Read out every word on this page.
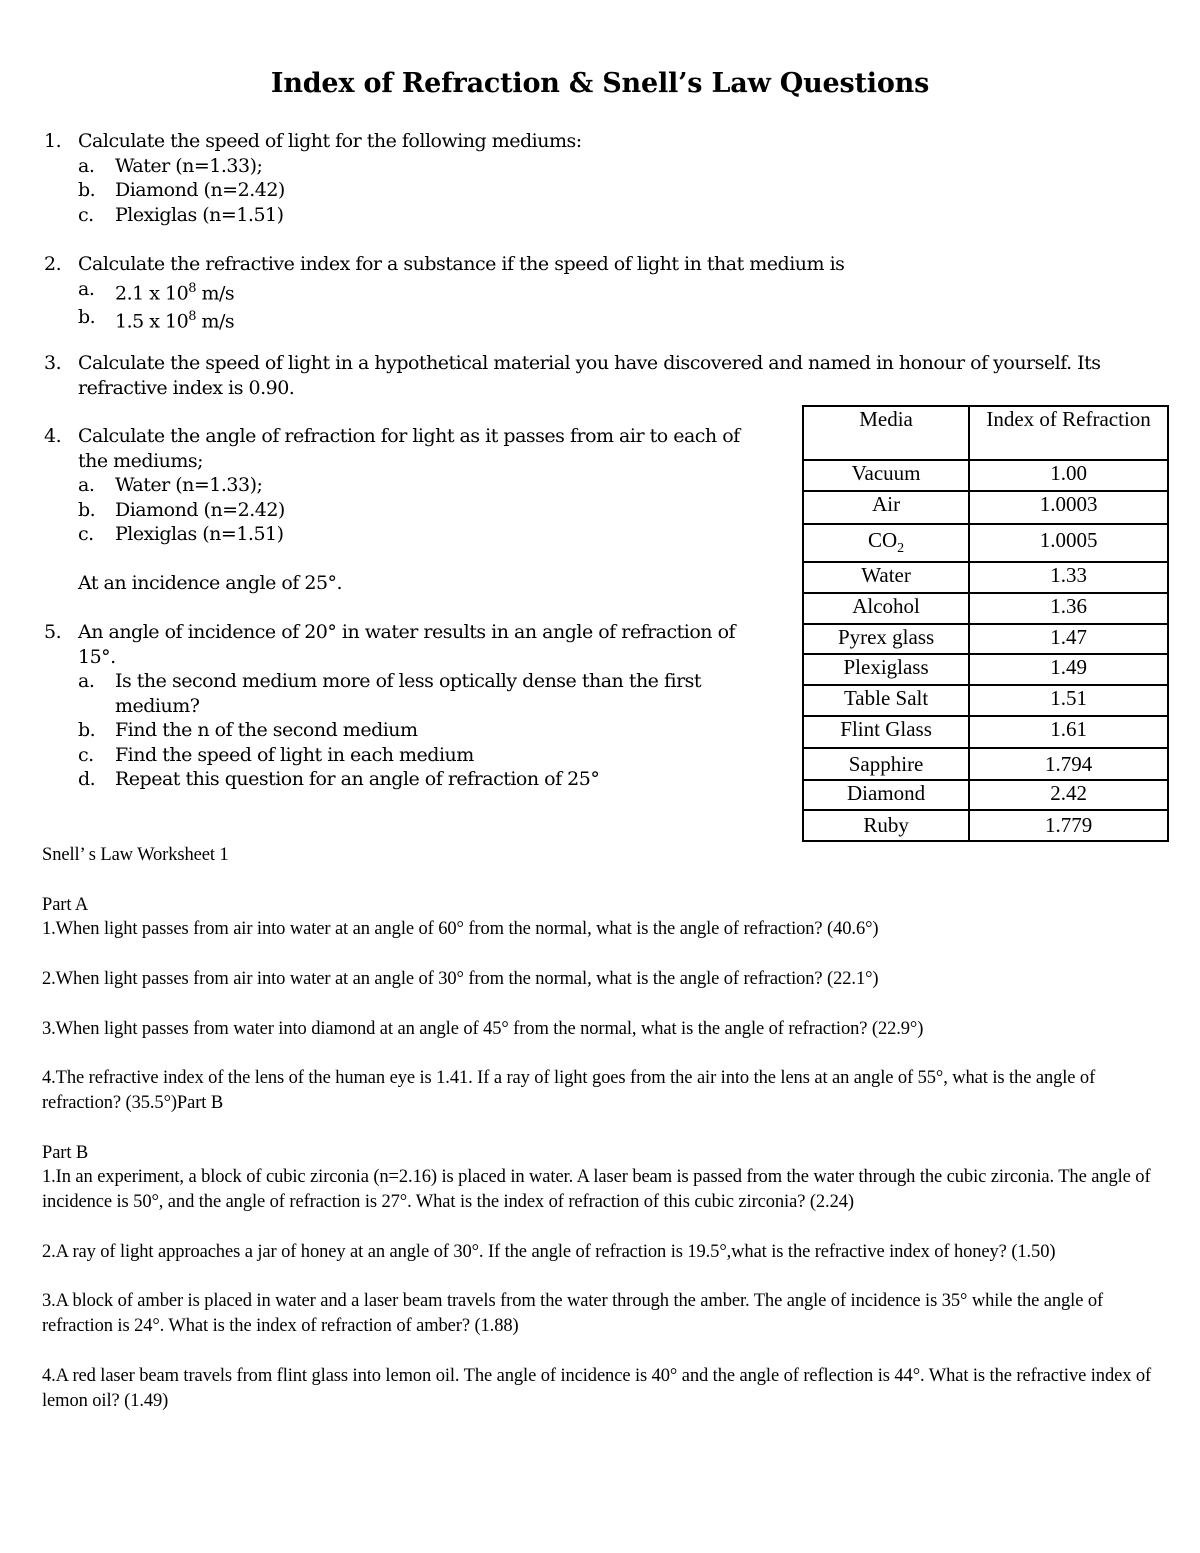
Index of Refraction & Snell’s Law Questions
1. Calculate the speed of light for the following mediums:
a. Water (n=1.33);
b. Diamond (n=2.42)
c. Plexiglas (n=1.51)
2. Calculate the refractive index for a substance if the speed of light in that medium is
a. 2.1 x $10^8$ m/s
b. 1.5 x $10^8$ m/s
3. Calculate the speed of light in a hypothetical material you have discovered and named in honour of yourself. Its refractive index is 0.90.
4. Calculate the angle of refraction for light as it passes from air to each of the mediums;
a. Water (n=1.33);
b. Diamond (n=2.42)
c. Plexiglas (n=1.51)
At an incidence angle of 25°.
5. An angle of incidence of 20° in water results in an angle of refraction of 15°.
a. Is the second medium more of less optically dense than the first medium?
b. Find the n of the second medium
c. Find the speed of light in each medium
d. Repeat this question for an angle of refraction of 25°
Media	Index of Refraction
Vacuum	1.00
Air	1.0003
$CO_2$	1.0005
Water	1.33
Alcohol	1.36
Pyrex glass	1.47
Plexiglass	1.49
Table Salt	1.51
Flint Glass	1.61
Sapphire	1.794
Diamond	2.42
Ruby	1.779

Snell’ s Law Worksheet 1

Part A

1.When light passes from air into water at an angle of 60° from the normal, what is the angle of refraction? (40.6°)

2.When light passes from air into water at an angle of 30° from the normal, what is the angle of refraction? (22.1°)

3.When light passes from water into diamond at an angle of 45° from the normal, what is the angle of refraction? (22.9°)

4.The refractive index of the lens of the human eye is 1.41. If a ray of light goes from the air into the lens at an angle of 55°, what is the angle of refraction? (35.5°)Part B

Part B

1.In an experiment, a block of cubic zirconia (n=2.16) is placed in water. A laser beam is passed from the water through the cubic zirconia. The angle of incidence is 50°, and the angle of refraction is 27°. What is the index of refraction of this cubic zirconia? (2.24)

2.A ray of light approaches a jar of honey at an angle of 30°. If the angle of refraction is 19.5°,what is the refractive index of honey? (1.50)

3.A block of amber is placed in water and a laser beam travels from the water through the amber. The angle of incidence is 35° while the angle of refraction is 24°. What is the index of refraction of amber? (1.88)

4.A red laser beam travels from flint glass into lemon oil. The angle of incidence is 40° and the angle of reflection is 44°. What is the refractive index of lemon oil? (1.49)
